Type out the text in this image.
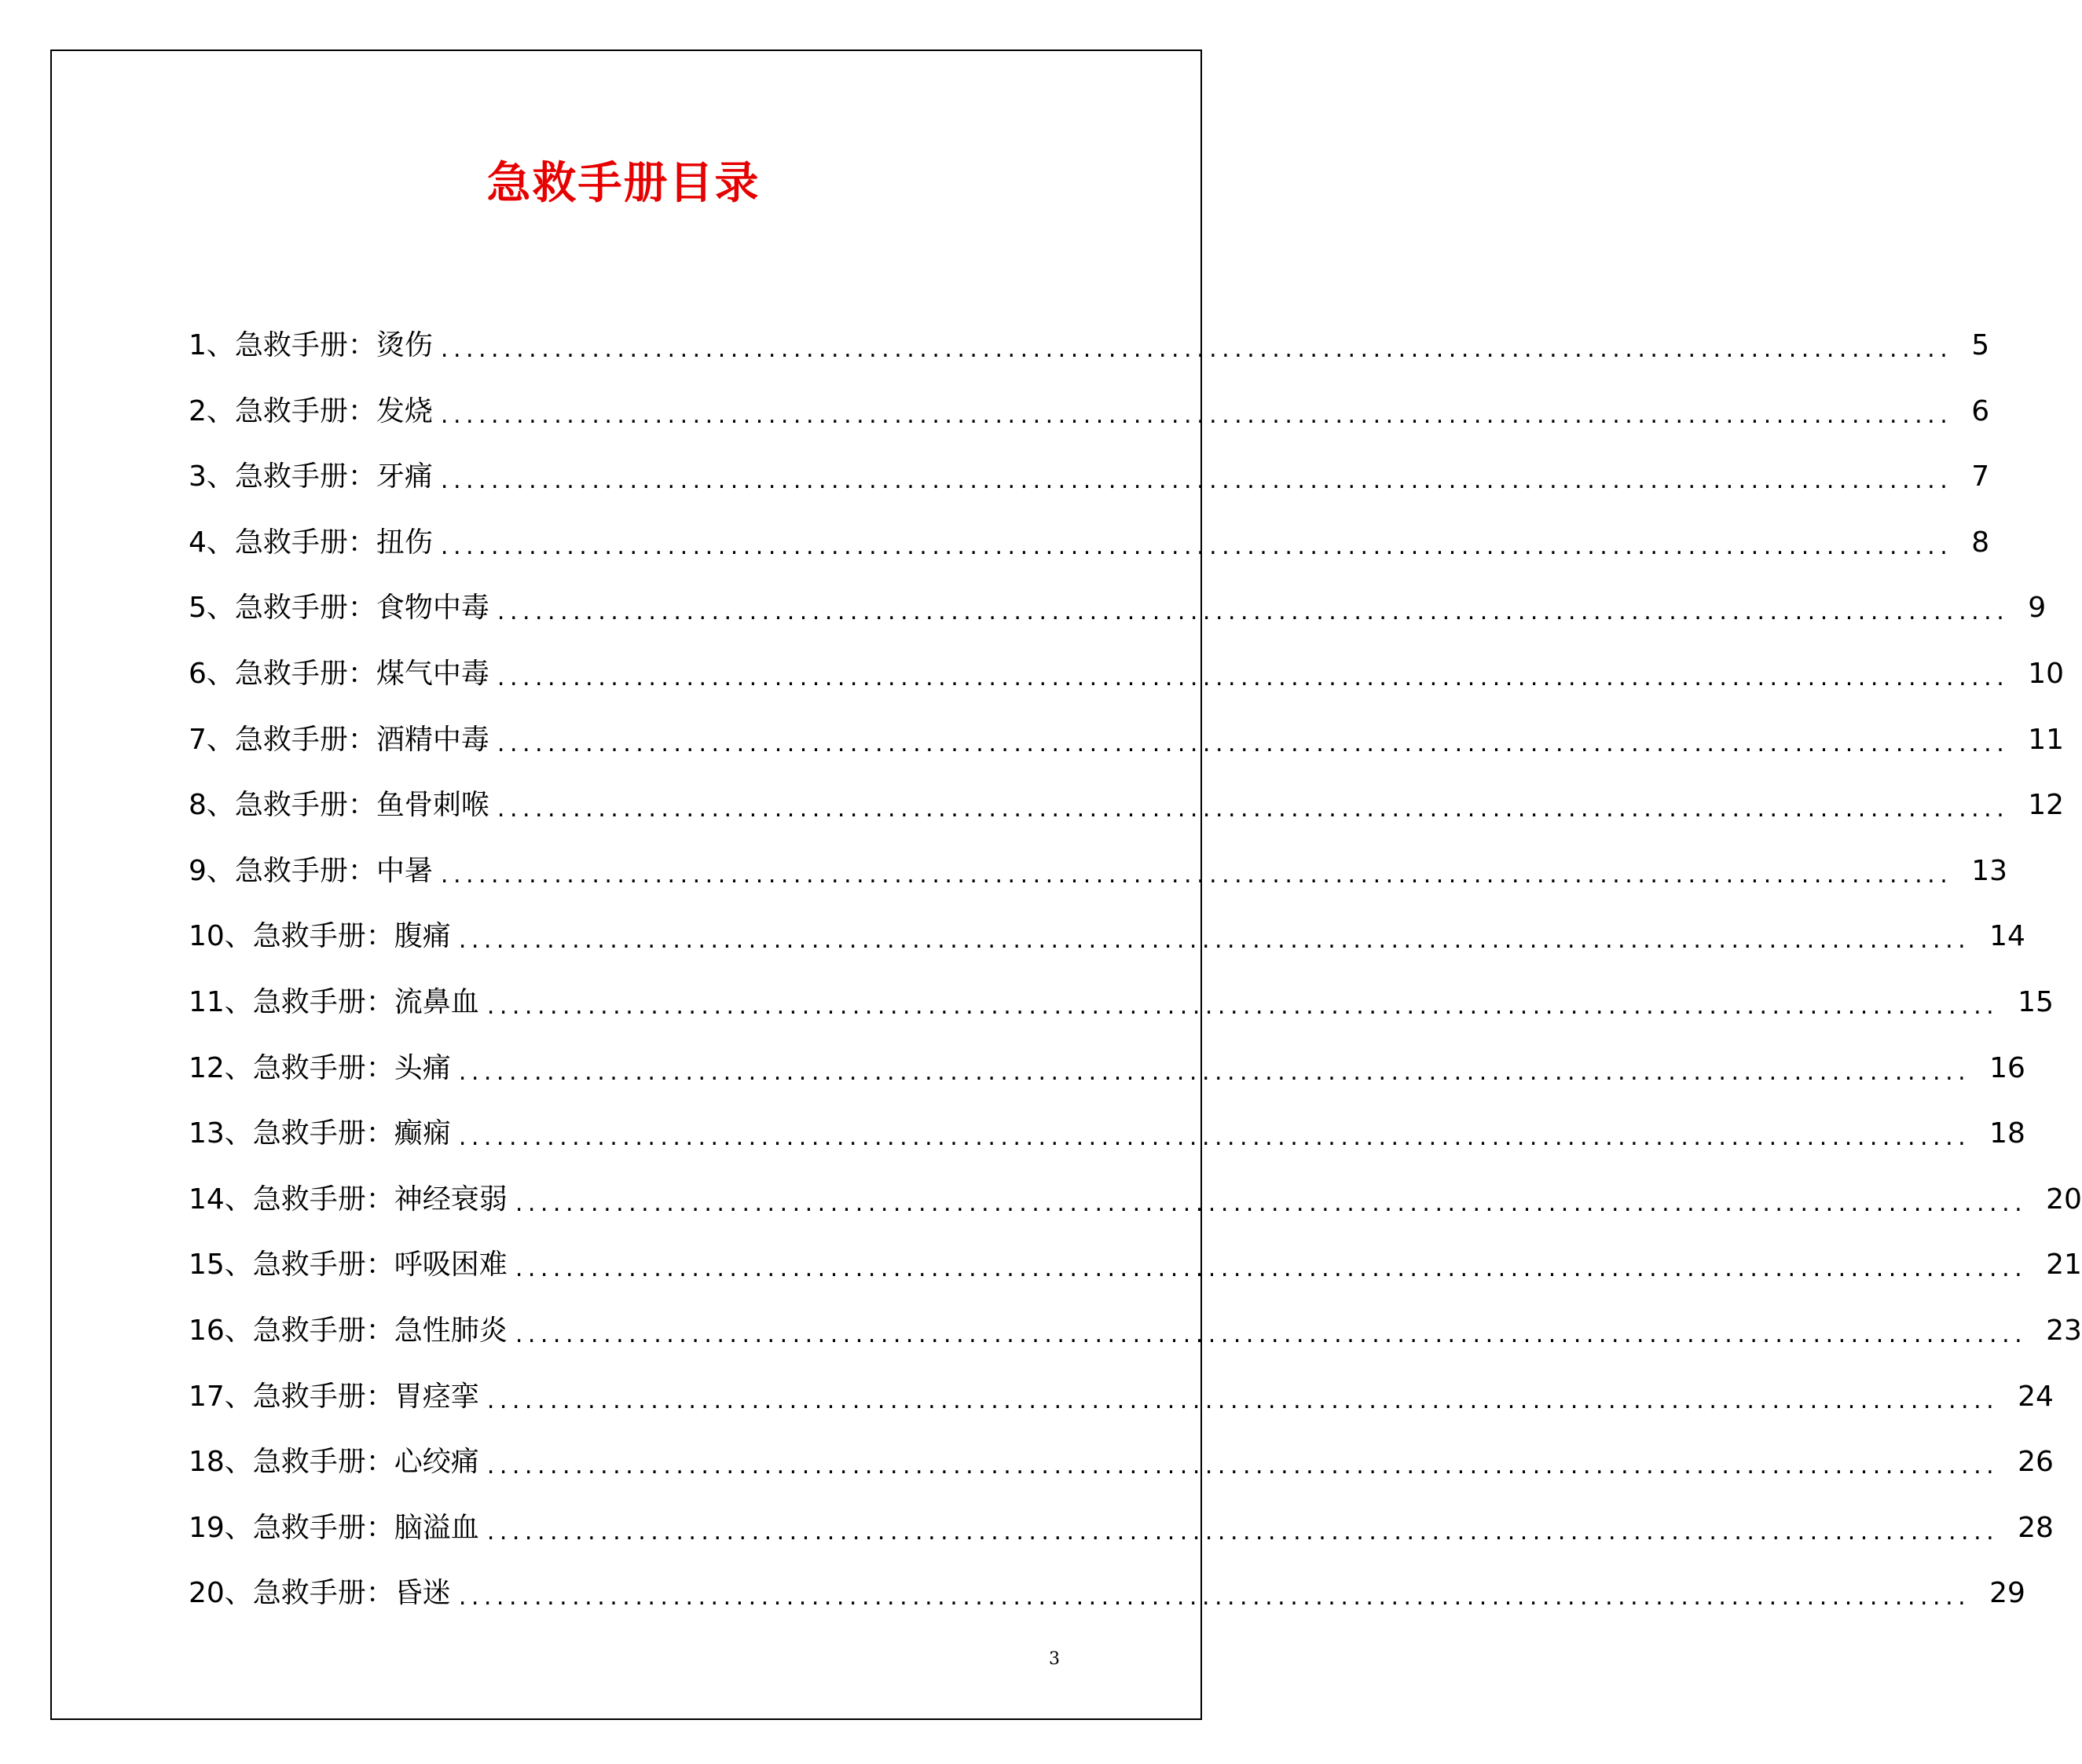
急救手册目录
1、急救手册：烫伤 ........................................................................................................................ 5
2、急救手册：发烧 ........................................................................................................................ 6
3、急救手册：牙痛 ........................................................................................................................ 7
4、急救手册：扭伤 ........................................................................................................................ 8
5、急救手册：食物中毒 ........................................................................................................................ 9
6、急救手册：煤气中毒 ........................................................................................................................ 10
7、急救手册：酒精中毒 ........................................................................................................................ 11
8、急救手册：鱼骨刺喉 ........................................................................................................................ 12
9、急救手册：中暑 ........................................................................................................................ 13
10、急救手册：腹痛 ........................................................................................................................ 14
11、急救手册：流鼻血 ........................................................................................................................ 15
12、急救手册：头痛 ........................................................................................................................ 16
13、急救手册：癫痫 ........................................................................................................................ 18
14、急救手册：神经衰弱 ........................................................................................................................ 20
15、急救手册：呼吸困难 ........................................................................................................................ 21
16、急救手册：急性肺炎 ........................................................................................................................ 23
17、急救手册：胃痉挛 ........................................................................................................................ 24
18、急救手册：心绞痛 ........................................................................................................................ 26
19、急救手册：脑溢血 ........................................................................................................................ 28
20、急救手册：昏迷 ........................................................................................................................ 29
3
